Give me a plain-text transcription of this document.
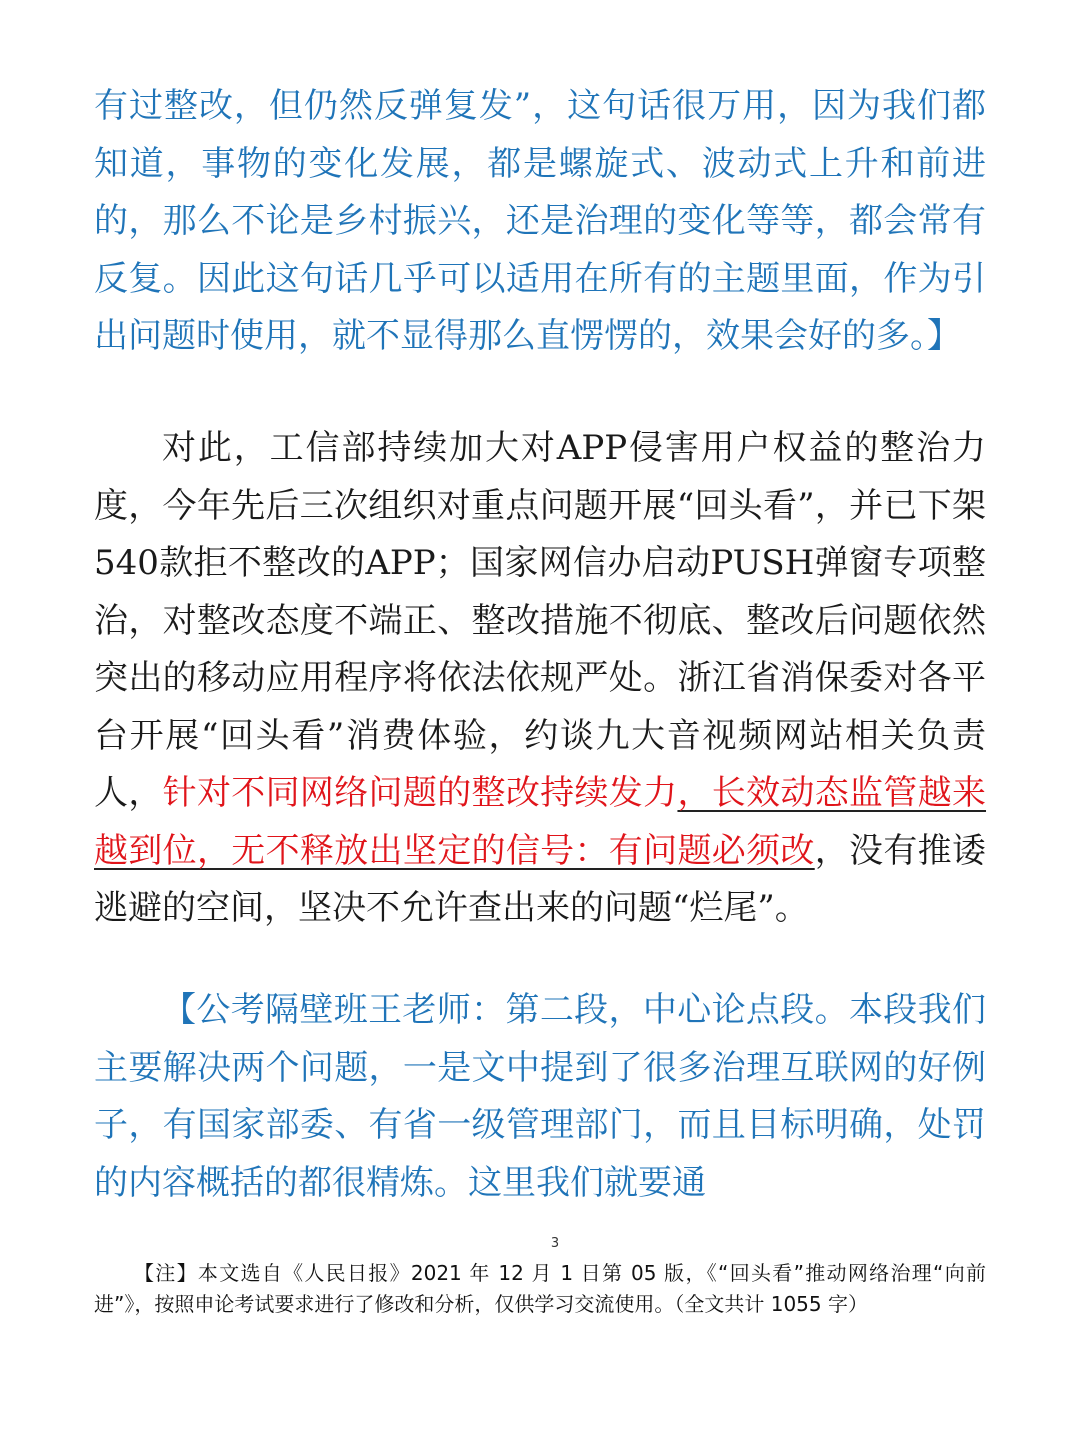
有过整改，但仍然反弹复发”，这句话很万用，因为我们都知道，事物的变化发展，都是螺旋式、波动式上升和前进的，那么不论是乡村振兴，还是治理的变化等等，都会常有反复。因此这句话几乎可以适用在所有的主题里面，作为引出问题时使用，就不显得那么直愣愣的，效果会好的多。】
对此，工信部持续加大对APP侵害用户权益的整治力度，今年先后三次组织对重点问题开展“回头看”，并已下架540款拒不整改的APP；国家网信办启动PUSH弹窗专项整治，对整改态度不端正、整改措施不彻底、整改后问题依然突出的移动应用程序将依法依规严处。浙江省消保委对各平台开展“回头看”消费体验，约谈九大音视频网站相关负责人，针对不同网络问题的整改持续发力，长效动态监管越来越到位，无不释放出坚定的信号：有问题必须改，没有推诿逃避的空间，坚决不允许查出来的问题“烂尾”。
【公考隔壁班王老师：第二段，中心论点段。本段我们主要解决两个问题，一是文中提到了很多治理互联网的好例子，有国家部委、有省一级管理部门，而且目标明确，处罚的内容概括的都很精炼。这里我们就要通
3
【注】本文选自《人民日报》2021 年 12 月 1 日第 05 版，《“回头看”推动网络治理“向前进”》，按照申论考试要求进行了修改和分析，仅供学习交流使用。（全文共计 1055 字）
